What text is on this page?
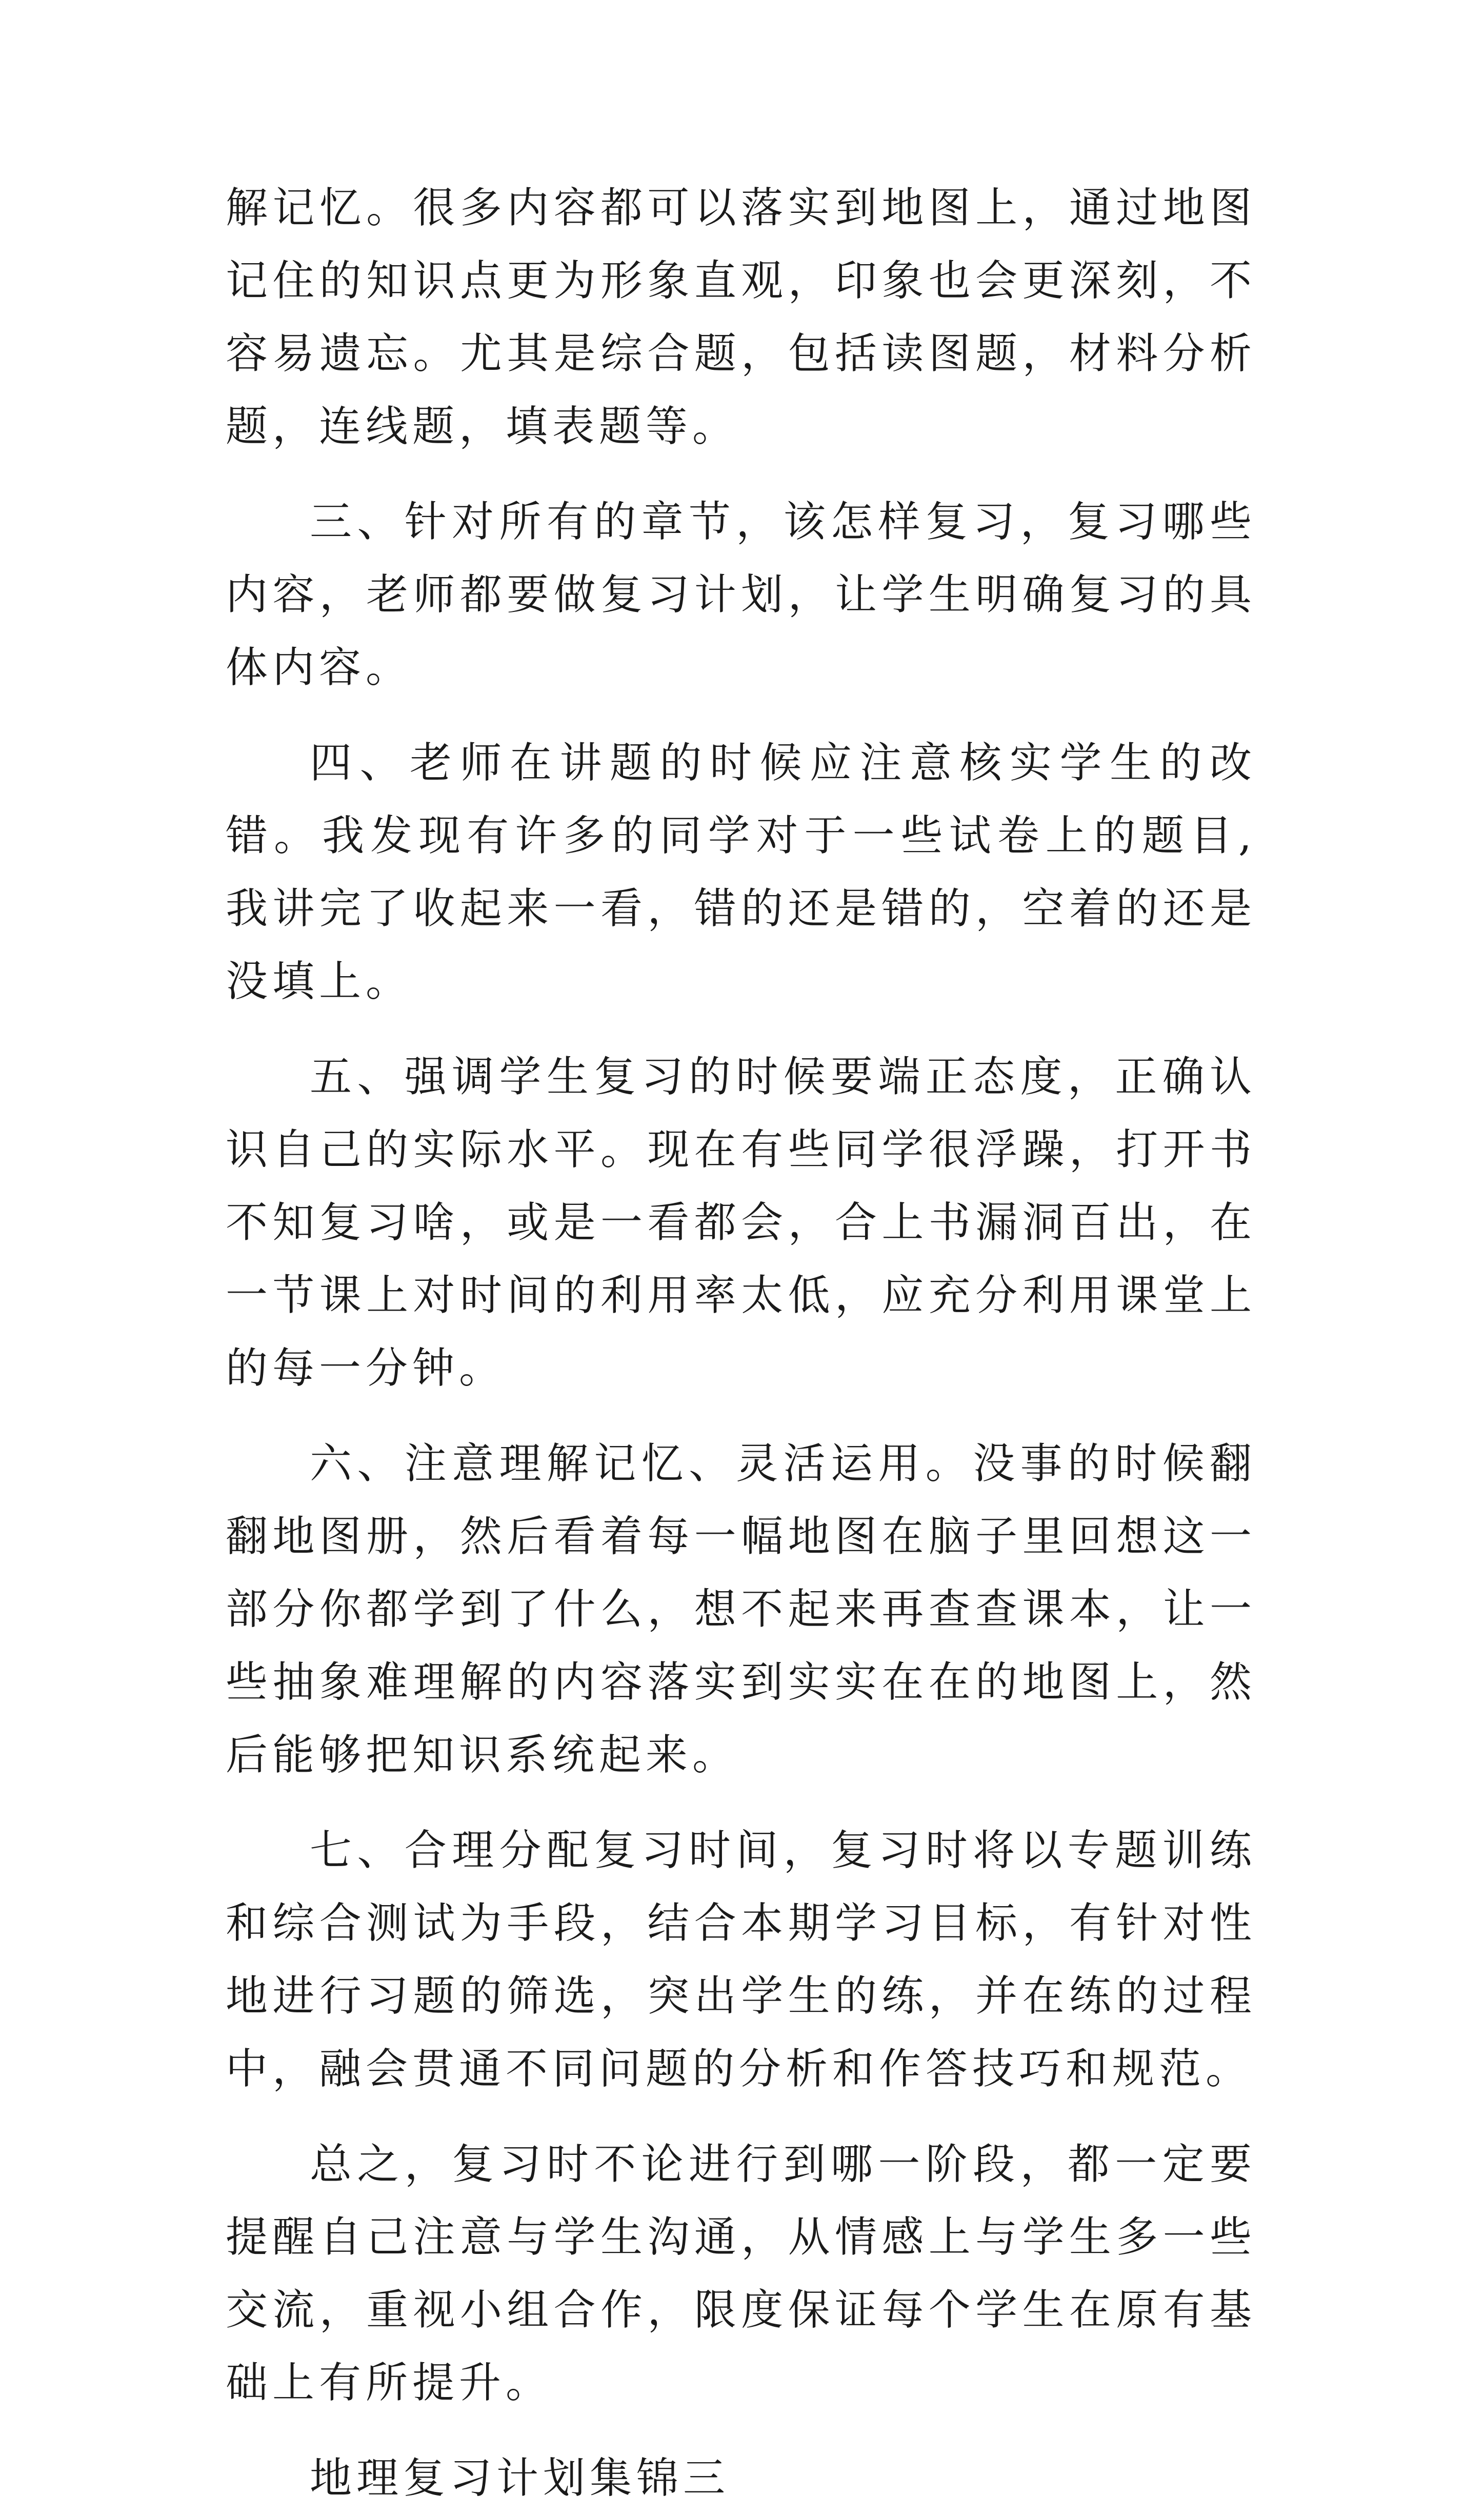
解记忆。很多内容都可以落实到地图上，通过地图记住的知识点更为形象直观，印象也会更深刻，不容易遗忘。尤其是综合题，包括读图题，材料分析题，连线题，填表题等。

三、针对所有的章节，该怎样复习，复习哪些内容，老师都要做复习计划，让学生明确复习的具体内容。

四、老师在讲题的时候应注意核实学生的改错。我发现有许多的同学对于一些试卷上的题目,我讲完了收起来一看，错的还是错的，空着的还是没填上。

五、强调学生复习的时候要端正态度，正确认识自己的实际水平。现在有些同学很浮躁，打开书不知复习啥，或是一看都会，合上书漏洞百出，在一节课上对时间的利用率太低，应充分利用课堂上的每一分钟。

六、注意理解记忆、灵活运用。没事的时候翻翻地图册，然后看着每一幅地图在脑子里回想这一部分你都学到了什么，想不起来再查查课本，让一些抽象难理解的内容落实到实实在在的地图上，然后能够把知识系统起来。

七、合理分配复习时间，复习时将以专题训练和综合测试为手段，结合本期学习目标，有针对性地进行习题的筛选，突出学生的练，并在练的过程中，融会贯通不同问题的分析和作答技巧和规范。

总之，复习时不论进行到哪一阶段，都一定要提醒自己注意与学生沟通，从情感上与学生多一些交流，重视小组合作，限度保证每个学生在原有基础上有所提升。

地理复习计划集锦三
